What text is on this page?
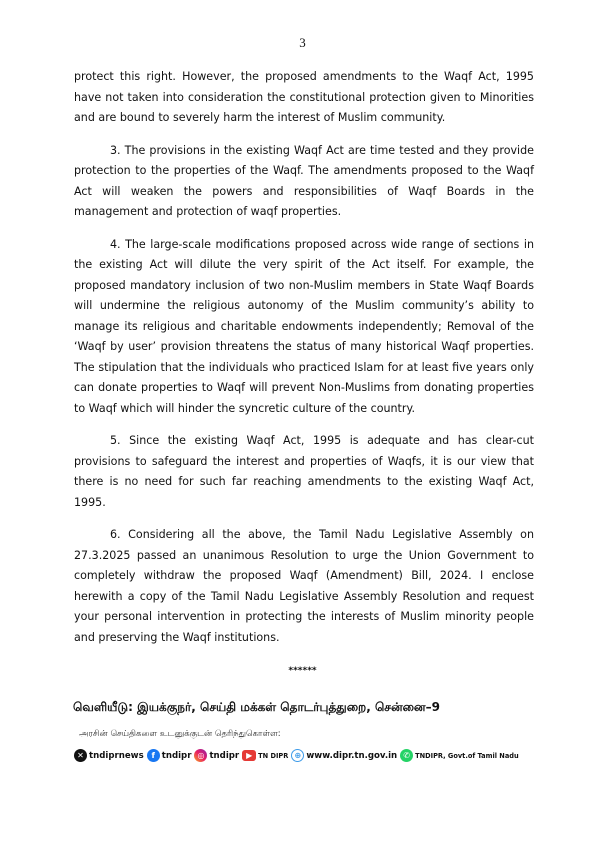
3

protect this right. However, the proposed amendments to the Waqf Act, 1995 have not taken into consideration the constitutional protection given to Minorities and are bound to severely harm the interest of Muslim community.

3. The provisions in the existing Waqf Act are time tested and they provide protection to the properties of the Waqf. The amendments proposed to the Waqf Act will weaken the powers and responsibilities of Waqf Boards in the management and protection of waqf properties.

4. The large-scale modifications proposed across wide range of sections in the existing Act will dilute the very spirit of the Act itself. For example, the proposed mandatory inclusion of two non-Muslim members in State Waqf Boards will undermine the religious autonomy of the Muslim community’s ability to manage its religious and charitable endowments independently; Removal of the ‘Waqf by user’ provision threatens the status of many historical Waqf properties. The stipulation that the individuals who practiced Islam for at least five years only can donate properties to Waqf will prevent Non-Muslims from donating properties to Waqf which will hinder the syncretic culture of the country.

5. Since the existing Waqf Act, 1995 is adequate and has clear-cut provisions to safeguard the interest and properties of Waqfs, it is our view that there is no need for such far reaching amendments to the existing Waqf Act, 1995.

6. Considering all the above, the Tamil Nadu Legislative Assembly on 27.3.2025 passed an unanimous Resolution to urge the Union Government to completely withdraw the proposed Waqf (Amendment) Bill, 2024. I enclose herewith a copy of the Tamil Nadu Legislative Assembly Resolution and request your personal intervention in protecting the interests of Muslim minority people and preserving the Waqf institutions.

******
வெளியீடு: இயக்குநர், செய்தி மக்கள் தொடர்புத்துறை, சென்னை–9
அரசின் செய்திகளை உடனுக்குடன் தெரிந்துகொள்ள:
✕ tndiprnews f tndipr ◎ tndipr ▶ TN DIPR ⊕ www.dipr.tn.gov.in ✆ TNDIPR, Govt.of Tamil Nadu
